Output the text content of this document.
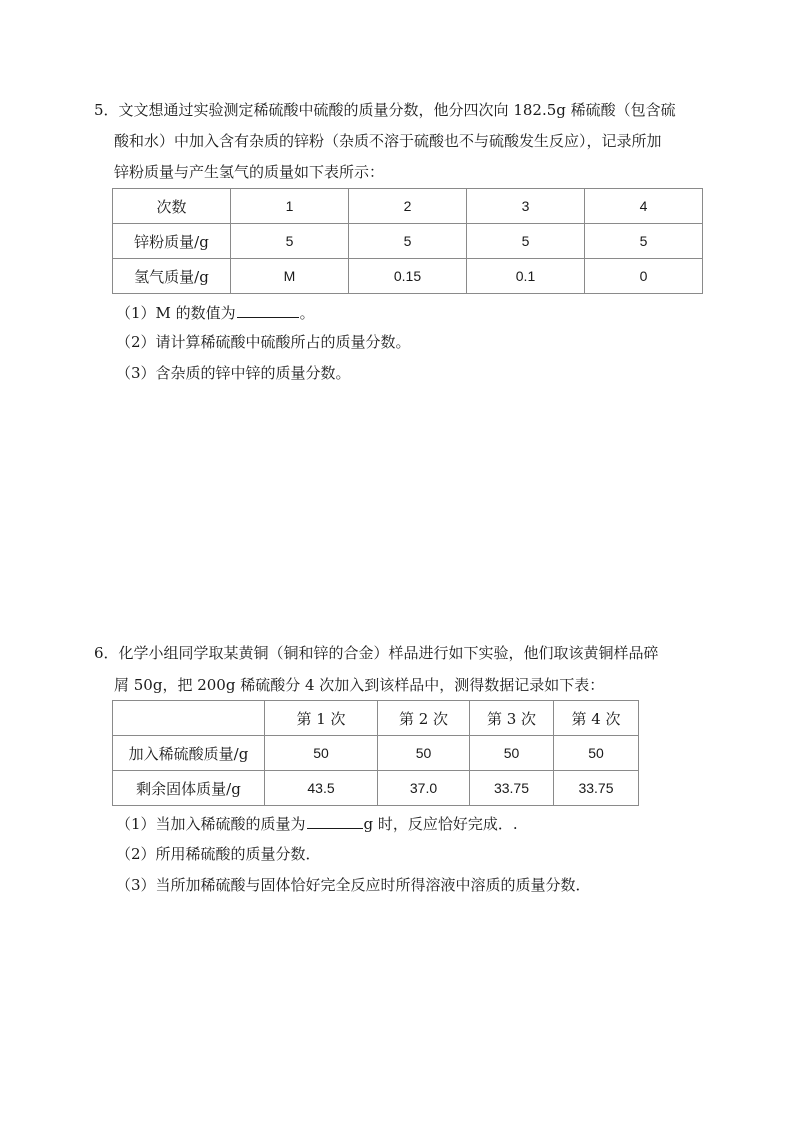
5．文文想通过实验测定稀硫酸中硫酸的质量分数，他分四次向 182.5g 稀硫酸（包含硫
酸和水）中加入含有杂质的锌粉（杂质不溶于硫酸也不与硫酸发生反应），记录所加
锌粉质量与产生氢气的质量如下表所示：
次数	1	2	3	4
锌粉质量/g	5	5	5	5
氢气质量/g	M	0.15	0.1	0
（1）M 的数值为	。
（2）请计算稀硫酸中硫酸所占的质量分数。
（3）含杂质的锌中锌的质量分数。
6．化学小组同学取某黄铜（铜和锌的合金）样品进行如下实验，他们取该黄铜样品碎
屑 50g，把 200g 稀硫酸分 4 次加入到该样品中，测得数据记录如下表：
	第 1 次	第 2 次	第 3 次	第 4 次
加入稀硫酸质量/g	50	50	50	50
剩余固体质量/g	43.5	37.0	33.75	33.75
（1）当加入稀硫酸的质量为	g 时，反应恰好完成．.
（2）所用稀硫酸的质量分数．
（3）当所加稀硫酸与固体恰好完全反应时所得溶液中溶质的质量分数．
